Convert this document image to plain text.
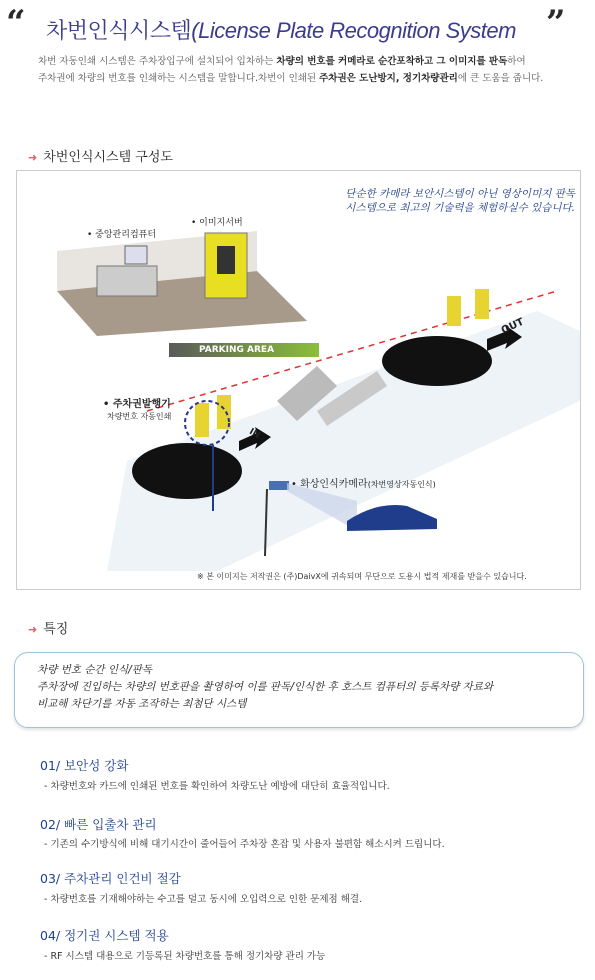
“ 차번인식시스템(License Plate Recognition System ”

차번 자동인쇄 시스템은 주차장입구에 설치되어 입차하는 차량의 번호를 커메라로 순간포착하고 그 이미지를 판독하여

주차권에 차량의 번호를 인쇄하는 시스템을 말합니다.차번이 인쇄된 주차권은 도난방지, 정기차량관리에 큰 도움을 줍니다.

➜ 차번인식시스템 구성도
단순한 카메라 보안시스템이 아닌 영상이미지 판독
시스템으로 최고의 기술력을 체험하실수 있습니다.
• 이미지서버
• 중앙관리컴퓨터
PARKING AREA
• 주차권발행기
차량번호 자동인쇄
• 화상인식카메라(차번영상자동인식)
IN
OUT
※ 본 이미지는 저작권은 (주)DaivX에 귀속되며 무단으로 도용시 법적 제재를 받을수 있습니다.
➜ 특징

차량 번호 순간 인식/판독

주차장에 진입하는 차량의 번호판을 촬영하여 이를 판독/인식한 후 호스트 컴퓨터의 등록차량 자료와

비교해 차단기를 자동 조작하는 최첨단 시스템

01/ 보안성 강화
- 차량번호와 카드에 인쇄된 번호를 확인하여 차량도난 예방에 대단히 효율적입니다.
02/ 빠른 입출차 관리
- 기존의 수기방식에 비해 대기시간이 줄어들어 주차장 혼잡 및 사용자 불편함 해소시켜 드립니다.
03/ 주차관리 인건비 절감
- 차량번호를 기재해야하는 수고를 덜고 동시에 오입력으로 인한 문제점 해결.
04/ 정기권 시스템 적용
- RF 시스템 대용으로 기등록된 차량번호를 통해 정기차량 관리 가능
